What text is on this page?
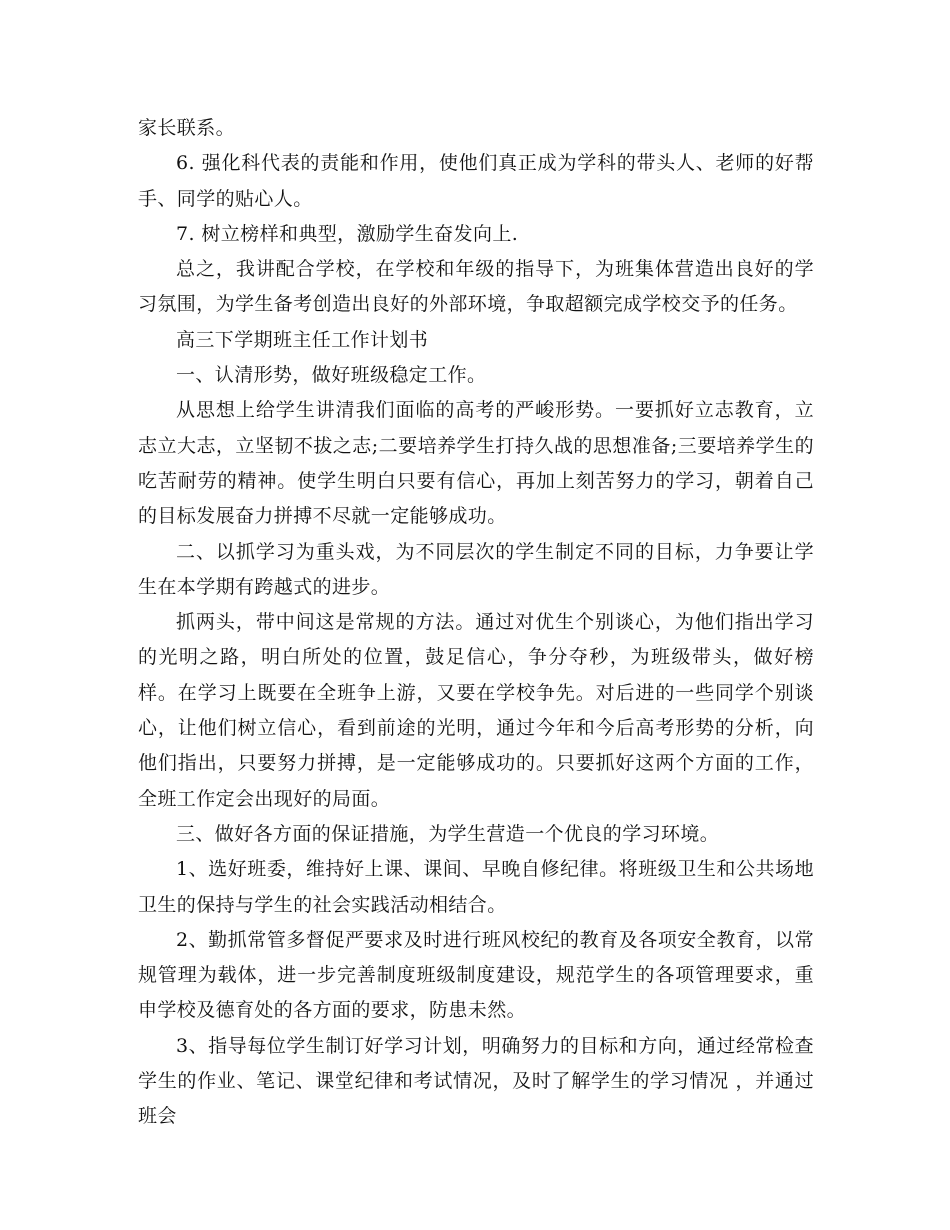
家长联系。

6. 强化科代表的责能和作用，使他们真正成为学科的带头人、老师的好帮手、同学的贴心人。

7. 树立榜样和典型，激励学生奋发向上.

总之，我讲配合学校，在学校和年级的指导下，为班集体营造出良好的学习氛围，为学生备考创造出良好的外部环境，争取超额完成学校交予的任务。

高三下学期班主任工作计划书

一、认清形势，做好班级稳定工作。

从思想上给学生讲清我们面临的高考的严峻形势。一要抓好立志教育，立志立大志，立坚韧不拔之志;二要培养学生打持久战的思想准备;三要培养学生的吃苦耐劳的精神。使学生明白只要有信心，再加上刻苦努力的学习，朝着自己的目标发展奋力拼搏不尽就一定能够成功。

二、以抓学习为重头戏，为不同层次的学生制定不同的目标，力争要让学生在本学期有跨越式的进步。

抓两头，带中间这是常规的方法。通过对优生个别谈心，为他们指出学习的光明之路，明白所处的位置，鼓足信心，争分夺秒，为班级带头，做好榜样。在学习上既要在全班争上游，又要在学校争先。对后进的一些同学个别谈心，让他们树立信心，看到前途的光明，通过今年和今后高考形势的分析，向他们指出，只要努力拼搏，是一定能够成功的。只要抓好这两个方面的工作，全班工作定会出现好的局面。

三、做好各方面的保证措施，为学生营造一个优良的学习环境。

1、选好班委，维持好上课、课间、早晚自修纪律。将班级卫生和公共场地卫生的保持与学生的社会实践活动相结合。

2、勤抓常管多督促严要求及时进行班风校纪的教育及各项安全教育，以常规管理为载体，进一步完善制度班级制度建设，规范学生的各项管理要求，重申学校及德育处的各方面的要求，防患未然。

3、指导每位学生制订好学习计划，明确努力的目标和方向，通过经常检查学生的作业、笔记、课堂纪律和考试情况，及时了解学生的学习情况 ，并通过班会
